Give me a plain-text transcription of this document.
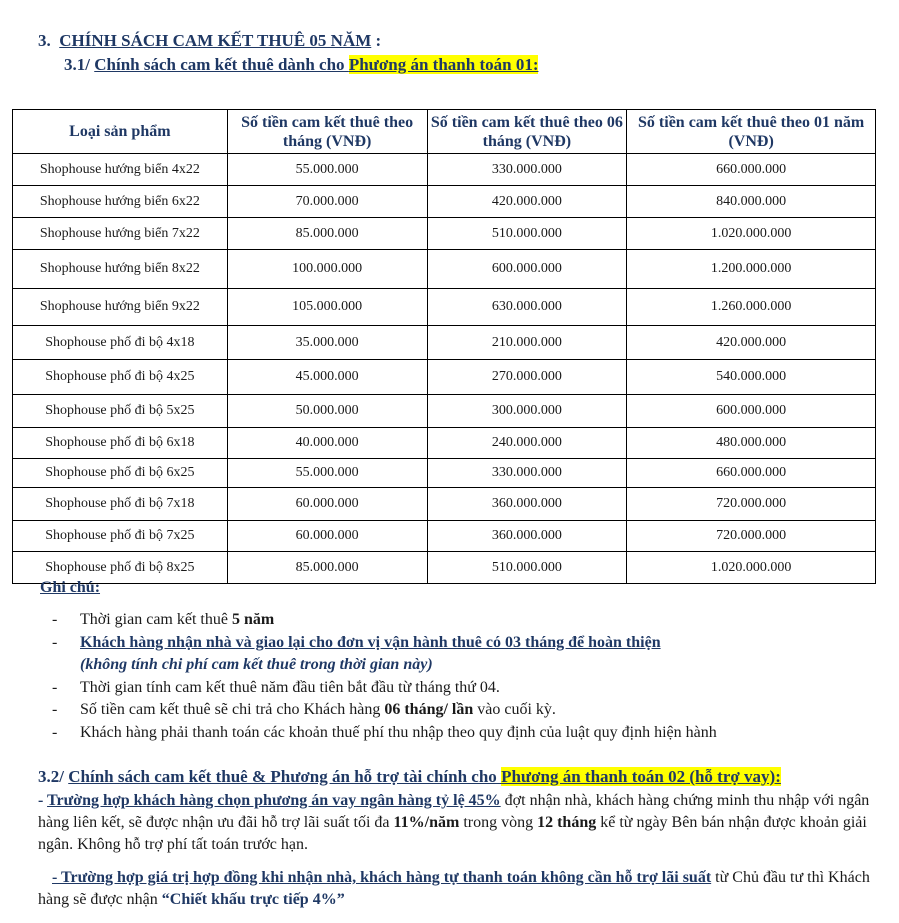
3. CHÍNH SÁCH CAM KẾT THUÊ 05 NĂM :
3.1/ Chính sách cam kết thuê dành cho Phương án thanh toán 01:
Loại sản phẩm	Số tiền cam kết thuê theo tháng (VNĐ)	Số tiền cam kết thuê theo 06 tháng (VNĐ)	Số tiền cam kết thuê theo 01 năm (VNĐ)
Shophouse hướng biển 4x22	55.000.000	330.000.000	660.000.000
Shophouse hướng biển 6x22	70.000.000	420.000.000	840.000.000
Shophouse hướng biển 7x22	85.000.000	510.000.000	1.020.000.000
Shophouse hướng biển 8x22	100.000.000	600.000.000	1.200.000.000
Shophouse hướng biển 9x22	105.000.000	630.000.000	1.260.000.000
Shophouse phố đi bộ 4x18	35.000.000	210.000.000	420.000.000
Shophouse phố đi bộ 4x25	45.000.000	270.000.000	540.000.000
Shophouse phố đi bộ 5x25	50.000.000	300.000.000	600.000.000
Shophouse phố đi bộ 6x18	40.000.000	240.000.000	480.000.000
Shophouse phố đi bộ 6x25	55.000.000	330.000.000	660.000.000
Shophouse phố đi bộ 7x18	60.000.000	360.000.000	720.000.000
Shophouse phố đi bộ 7x25	60.000.000	360.000.000	720.000.000
Shophouse phố đi bộ 8x25	85.000.000	510.000.000	1.020.000.000
Ghi chú:
- Thời gian cam kết thuê 5 năm
- Khách hàng nhận nhà và giao lại cho đơn vị vận hành thuê có 03 tháng để hoàn thiện
(không tính chi phí cam kết thuê trong thời gian này)
- Thời gian tính cam kết thuê năm đầu tiên bắt đầu từ tháng thứ 04.
- Số tiền cam kết thuê sẽ chi trả cho Khách hàng 06 tháng/ lần vào cuối kỳ.
- Khách hàng phải thanh toán các khoản thuế phí thu nhập theo quy định của luật quy định hiện hành
3.2/ Chính sách cam kết thuê & Phương án hỗ trợ tài chính cho Phương án thanh toán 02 (hỗ trợ vay):
- Trường hợp khách hàng chọn phương án vay ngân hàng tỷ lệ 45% đợt nhận nhà, khách hàng chứng minh thu nhập với ngân hàng liên kết, sẽ được nhận ưu đãi hỗ trợ lãi suất tối đa 11%/năm trong vòng 12 tháng kể từ ngày Bên bán nhận được khoản giải ngân. Không hỗ trợ phí tất toán trước hạn.
- Trường hợp giá trị hợp đồng khi nhận nhà, khách hàng tự thanh toán không cần hỗ trợ lãi suất từ Chủ đầu tư thì Khách hàng sẽ được nhận “Chiết khấu trực tiếp 4%”
